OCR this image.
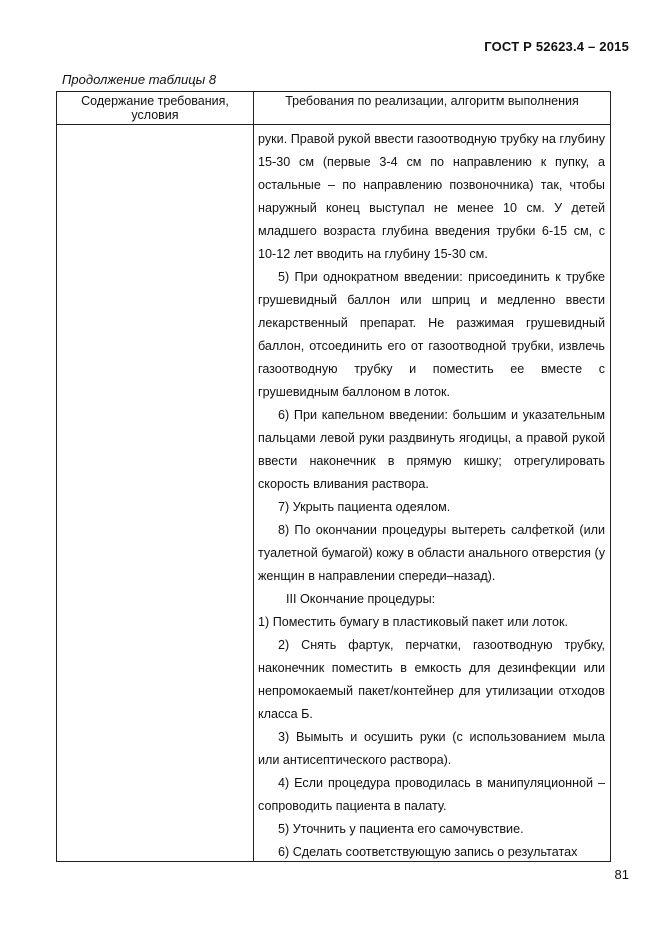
ГОСТ Р 52623.4 – 2015
Продолжение таблицы 8
Содержание требования, условия
Требования по реализации, алгоритм выполнения

руки. Правой рукой ввести газоотводную трубку на глубину 15-30 см (первые 3-4 см по направлению к пупку, а остальные – по направлению позвоночника) так, чтобы наружный конец выступал не менее 10 см. У детей младшего возраста глубина введения трубки 6-15 см, с 10-12 лет вводить на глубину 15-30 см.

5) При однократном введении: присоединить к трубке грушевидный баллон или шприц и медленно ввести лекарственный препарат. Не разжимая грушевидный баллон, отсоединить его от газоотводной трубки, извлечь газоотводную трубку и поместить ее вместе с грушевидным баллоном в лоток.

6) При капельном введении: большим и указательным пальцами левой руки раздвинуть ягодицы, а правой рукой ввести наконечник в прямую кишку; отрегулировать скорость вливания раствора.

7) Укрыть пациента одеялом.

8) По окончании процедуры вытереть салфеткой (или туалетной бумагой) кожу в области анального отверстия (у женщин в направлении спереди–назад).

III Окончание процедуры:

1) Поместить бумагу в пластиковый пакет или лоток.

2) Снять фартук, перчатки, газоотводную трубку, наконечник поместить в емкость для дезинфекции или непромокаемый пакет/контейнер для утилизации отходов класса Б.

3) Вымыть и осушить руки (с использованием мыла или антисептического раствора).

4) Если процедура проводилась в манипуляционной – сопроводить пациента в палату.

5) Уточнить у пациента его самочувствие.

6) Сделать соответствующую запись о результатах

81
